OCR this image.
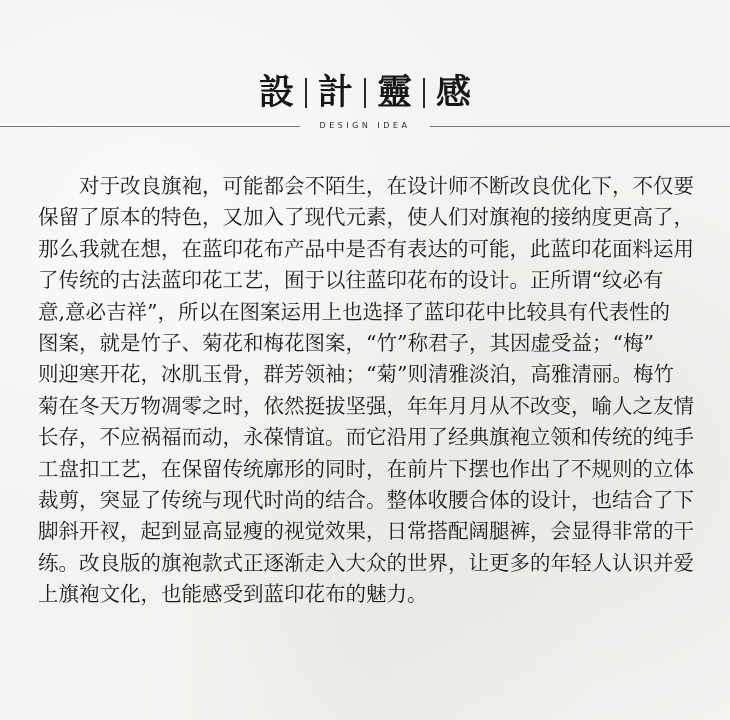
設 計 靈 感
DESIGN IDEA
对于改良旗袍，可能都会不陌生，在设计师不断改良优化下，不仅要
保留了原本的特色，又加入了现代元素，使人们对旗袍的接纳度更高了，
那么我就在想，在蓝印花布产品中是否有表达的可能，此蓝印花面料运用
了传统的古法蓝印花工艺，囿于以往蓝印花布的设计。正所谓“纹必有
意,意必吉祥”，所以在图案运用上也选择了蓝印花中比较具有代表性的
图案，就是竹子、菊花和梅花图案，“竹”称君子，其因虚受益；“梅”
则迎寒开花，冰肌玉骨，群芳领袖；“菊”则清雅淡泊，高雅清丽。梅竹
菊在冬天万物凋零之时，依然挺拔坚强，年年月月从不改变，喻人之友情
长存，不应祸福而动，永葆情谊。而它沿用了经典旗袍立领和传统的纯手
工盘扣工艺，在保留传统廓形的同时，在前片下摆也作出了不规则的立体
裁剪，突显了传统与现代时尚的结合。整体收腰合体的设计，也结合了下
脚斜开衩，起到显高显瘦的视觉效果，日常搭配阔腿裤，会显得非常的干
练。改良版的旗袍款式正逐渐走入大众的世界，让更多的年轻人认识并爱
上旗袍文化，也能感受到蓝印花布的魅力。
